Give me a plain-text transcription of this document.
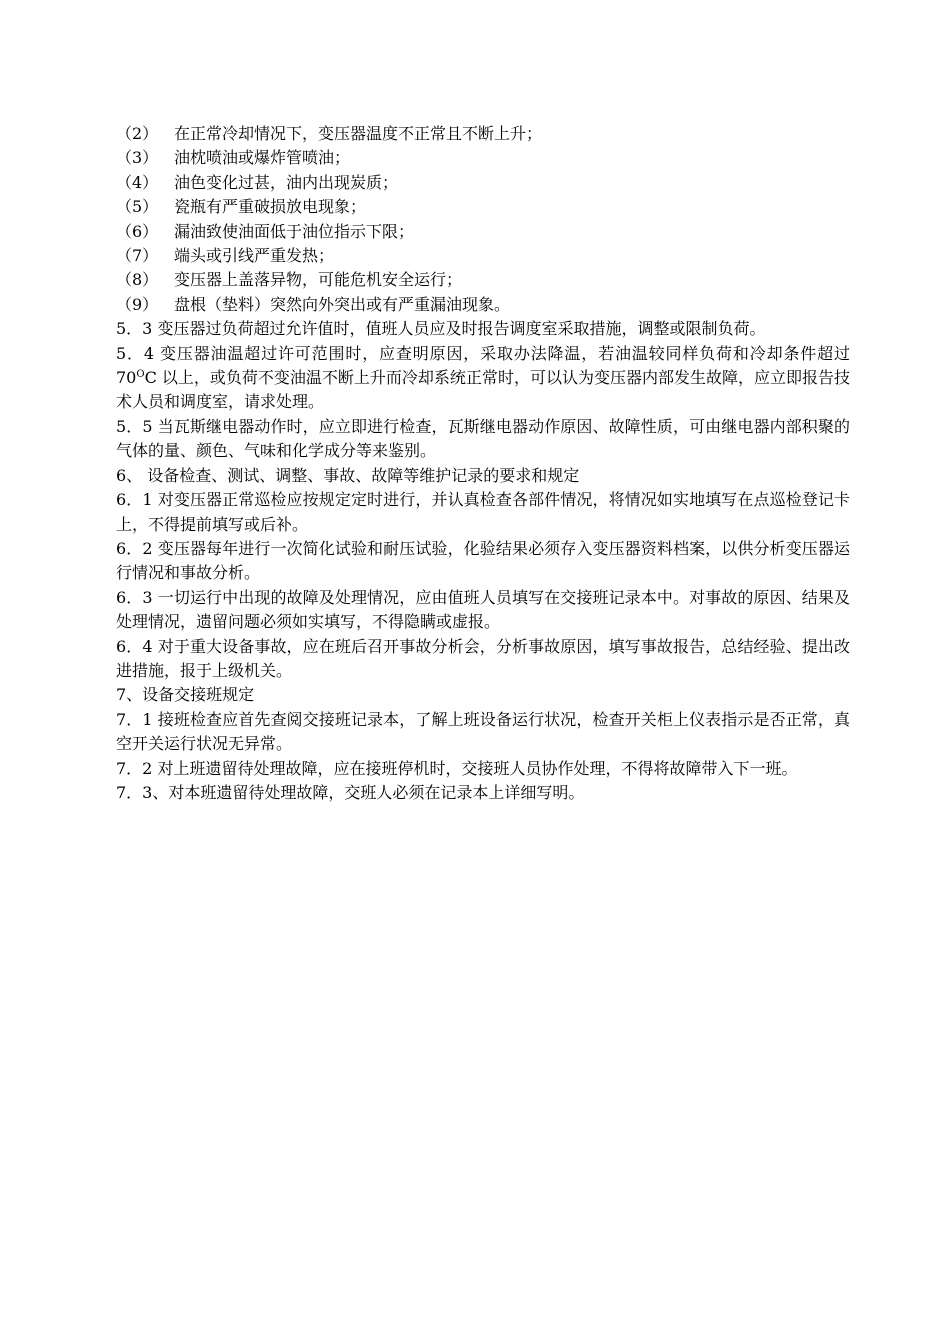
（2） 在正常冷却情况下，变压器温度不正常且不断上升；

（3） 油枕喷油或爆炸管喷油；

（4） 油色变化过甚，油内出现炭质；

（5） 瓷瓶有严重破损放电现象；

（6） 漏油致使油面低于油位指示下限；

（7） 端头或引线严重发热；

（8） 变压器上盖落异物，可能危机安全运行；

（9） 盘根（垫料）突然向外突出或有严重漏油现象。

5．3 变压器过负荷超过允许值时，值班人员应及时报告调度室采取措施，调整或限制负荷。

5．4 变压器油温超过许可范围时，应查明原因，采取办法降温，若油温较同样负荷和冷却条件超过 $70^OC$ 以上，或负荷不变油温不断上升而冷却系统正常时，可以认为变压器内部发生故障，应立即报告技术人员和调度室，请求处理。

5．5 当瓦斯继电器动作时，应立即进行检查，瓦斯继电器动作原因、故障性质，可由继电器内部积聚的气体的量、颜色、气味和化学成分等来鉴别。

6、 设备检查、测试、调整、事故、故障等维护记录的要求和规定

6．1 对变压器正常巡检应按规定定时进行，并认真检查各部件情况，将情况如实地填写在点巡检登记卡上，不得提前填写或后补。

6．2 变压器每年进行一次简化试验和耐压试验，化验结果必须存入变压器资料档案，以供分析变压器运行情况和事故分析。

6．3 一切运行中出现的故障及处理情况，应由值班人员填写在交接班记录本中。对事故的原因、结果及处理情况，遗留问题必须如实填写，不得隐瞒或虚报。

6．4 对于重大设备事故，应在班后召开事故分析会，分析事故原因，填写事故报告，总结经验、提出改进措施，报于上级机关。

7、设备交接班规定

7．1 接班检查应首先查阅交接班记录本，了解上班设备运行状况，检查开关柜上仪表指示是否正常，真空开关运行状况无异常。

7．2 对上班遗留待处理故障，应在接班停机时，交接班人员协作处理，不得将故障带入下一班。

7．3、对本班遗留待处理故障，交班人必须在记录本上详细写明。
